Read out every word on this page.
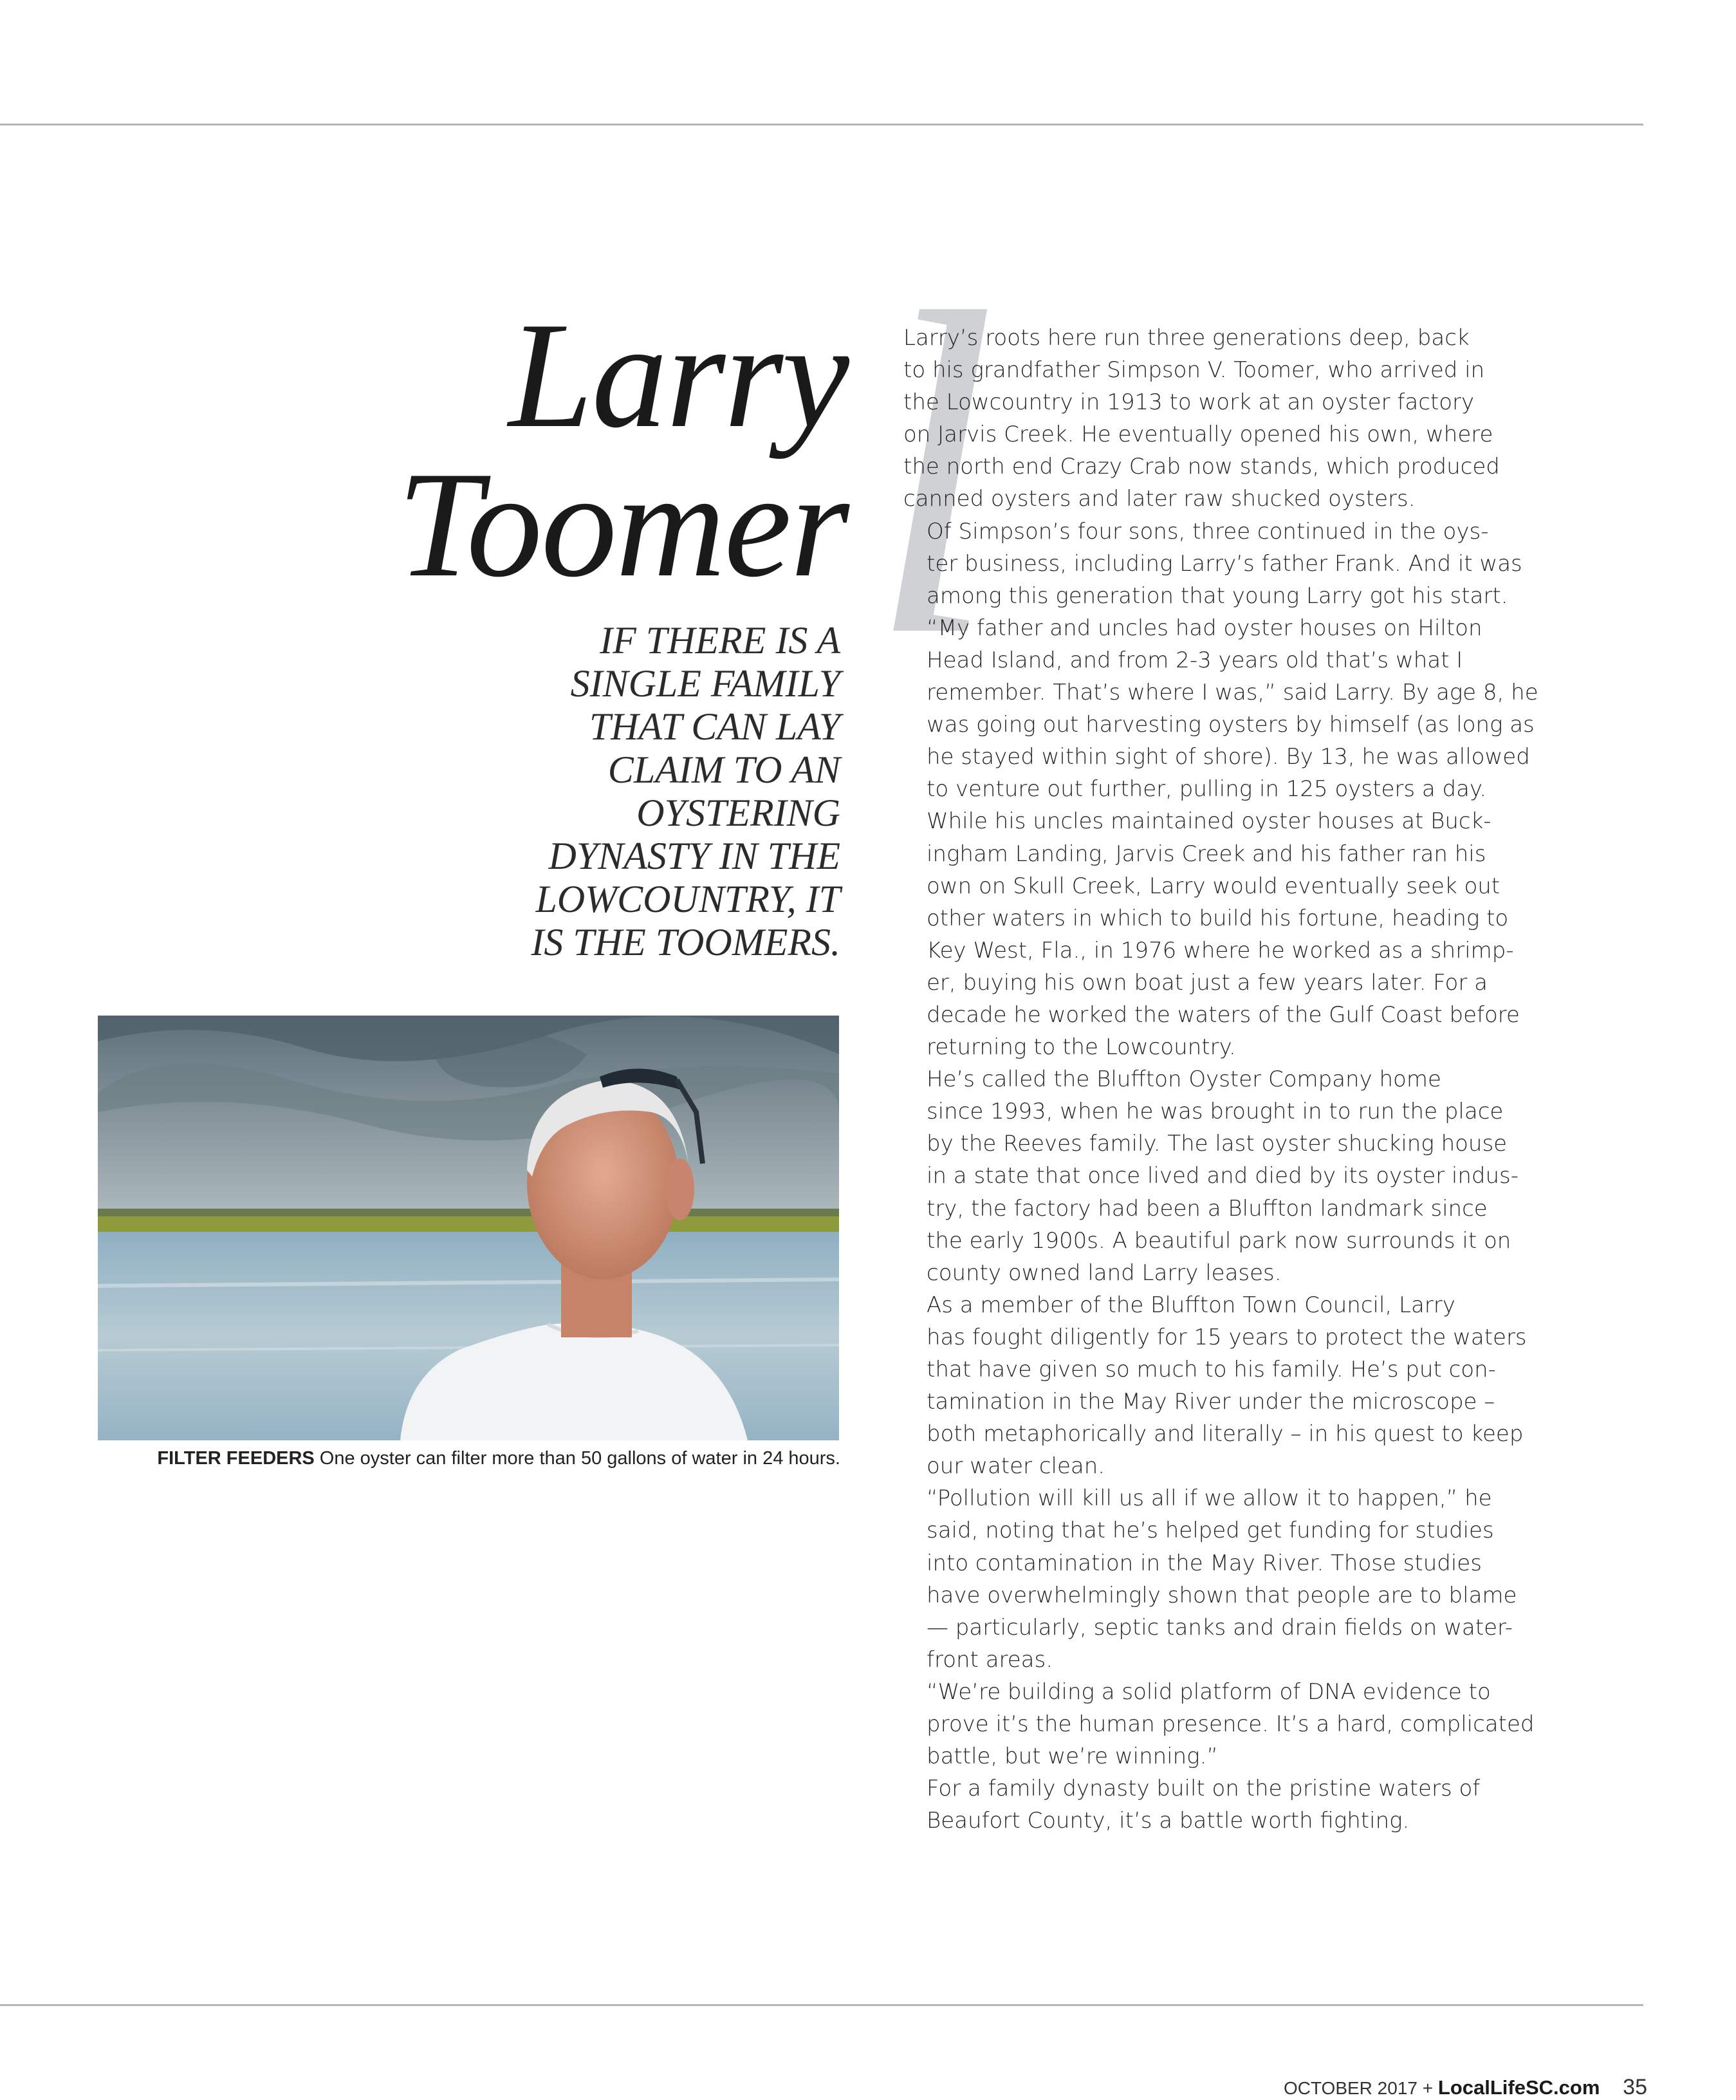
Larry
Toomer l
IF THERE IS A
SINGLE FAMILY
THAT CAN LAY
CLAIM TO AN
OYSTERING
DYNASTY IN THE
LOWCOUNTRY, IT
IS THE TOOMERS.

FILTER FEEDERS One oyster can filter more than 50 gallons of water in 24 hours.

Larry’s roots here run three generations deep, back
to his grandfather Simpson V. Toomer, who arrived in
the Lowcountry in 1913 to work at an oyster factory
on Jarvis Creek. He eventually opened his own, where
the north end Crazy Crab now stands, which produced
canned oysters and later raw shucked oysters.

Of Simpson’s four sons, three continued in the oys-
ter business, including Larry’s father Frank. And it was
among this generation that young Larry got his start.

“My father and uncles had oyster houses on Hilton
Head Island, and from 2-3 years old that’s what I
remember. That’s where I was,” said Larry. By age 8, he
was going out harvesting oysters by himself (as long as
he stayed within sight of shore). By 13, he was allowed
to venture out further, pulling in 125 oysters a day.

While his uncles maintained oyster houses at Buck-
ingham Landing, Jarvis Creek and his father ran his
own on Skull Creek, Larry would eventually seek out
other waters in which to build his fortune, heading to
Key West, Fla., in 1976 where he worked as a shrimp-
er, buying his own boat just a few years later. For a
decade he worked the waters of the Gulf Coast before
returning to the Lowcountry.

He’s called the Bluffton Oyster Company home
since 1993, when he was brought in to run the place
by the Reeves family. The last oyster shucking house
in a state that once lived and died by its oyster indus-
try, the factory had been a Bluffton landmark since
the early 1900s. A beautiful park now surrounds it on
county owned land Larry leases.

As a member of the Bluffton Town Council, Larry
has fought diligently for 15 years to protect the waters
that have given so much to his family. He’s put con-
tamination in the May River under the microscope –
both metaphorically and literally – in his quest to keep
our water clean.

“Pollution will kill us all if we allow it to happen,” he
said, noting that he’s helped get funding for studies
into contamination in the May River. Those studies
have overwhelmingly shown that people are to blame
— particularly, septic tanks and drain fields on water-
front areas.

“We’re building a solid platform of DNA evidence to
prove it’s the human presence. It’s a hard, complicated
battle, but we’re winning.”

For a family dynasty built on the pristine waters of
Beaufort County, it’s a battle worth fighting.

OCTOBER 2017 + LocalLifeSC.com 35
